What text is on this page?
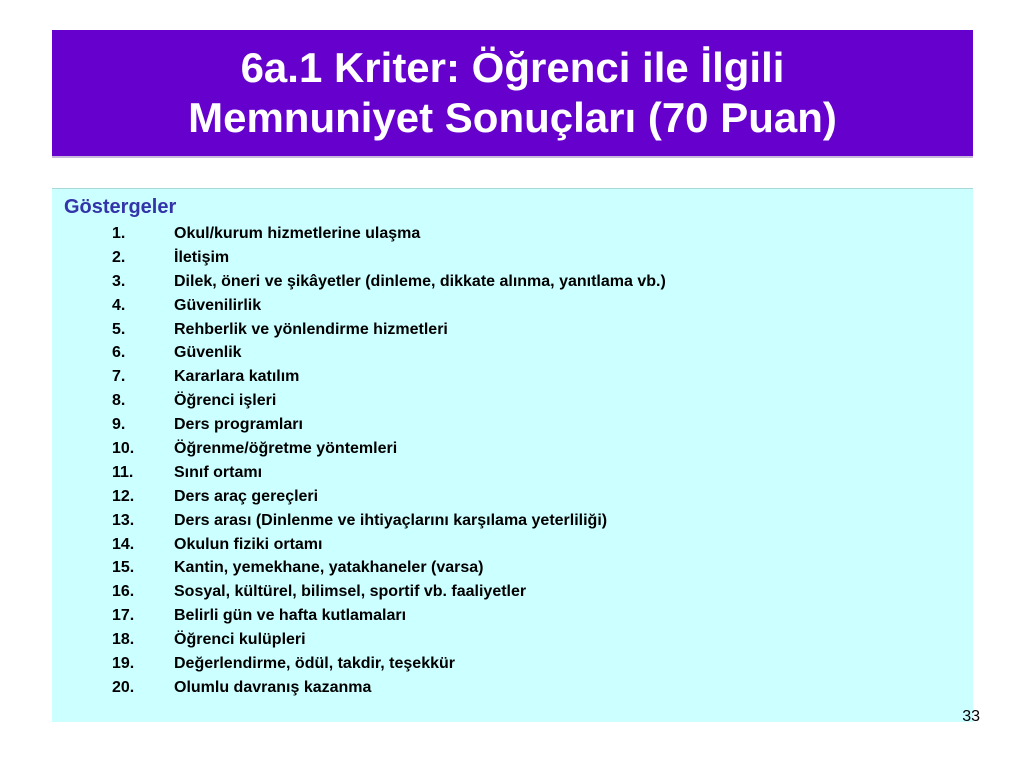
6a.1 Kriter: Öğrenci ile İlgili
Memnuniyet Sonuçları (70 Puan)
Göstergeler
1.	Okul/kurum hizmetlerine ulaşma
2.	İletişim
3.	Dilek, öneri ve şikâyetler (dinleme, dikkate alınma, yanıtlama vb.)
4.	Güvenilirlik
5.	Rehberlik ve yönlendirme hizmetleri
6.	Güvenlik
7.	Kararlara katılım
8.	Öğrenci işleri
9.	Ders programları
10. Öğrenme/öğretme yöntemleri
11.	Sınıf ortamı
12. Ders araç gereçleri
13. Ders arası (Dinlenme ve ihtiyaçlarını karşılama yeterliliği)
14. Okulun fiziki ortamı
15. Kantin, yemekhane, yatakhaneler (varsa)
16. Sosyal, kültürel, bilimsel, sportif vb. faaliyetler
17. Belirli gün ve hafta kutlamaları
18. Öğrenci kulüpleri
19. Değerlendirme, ödül, takdir, teşekkür
20. Olumlu davranış kazanma
33
